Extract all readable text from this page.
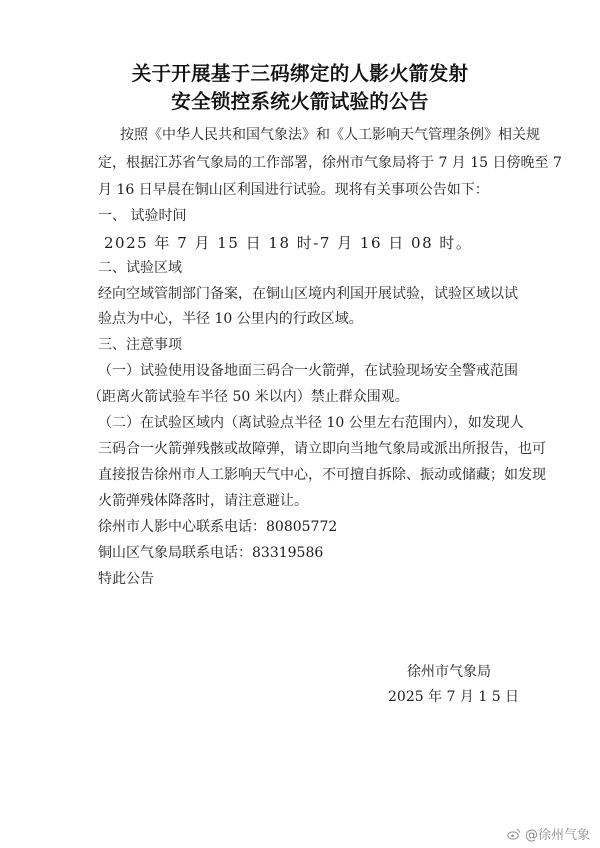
关于开展基于三码绑定的人影火箭发射
安全锁控系统火箭试验的公告
按照《中华人民共和国气象法》和《人工影响天气管理条例》相关规
定，根据江苏省气象局的工作部署，徐州市气象局将于 7 月 15 日傍晚至 7
月 16 日早晨在铜山区利国进行试验。现将有关事项公告如下：
一、 试验时间
2025 年 7 月 15 日 18 时-7 月 16 日 08 时。
二、试验区域
经向空域管制部门备案，在铜山区境内利国开展试验，试验区域以试
验点为中心，半径 10 公里内的行政区域。
三、注意事项
（一）试验使用设备地面三码合一火箭弹，在试验现场安全警戒范围
（距离火箭试验车半径 50 米以内）禁止群众围观。
（二）在试验区域内（离试验点半径 10 公里左右范围内），如发现人
三码合一火箭弹残骸或故障弹，请立即向当地气象局或派出所报告，也可
直接报告徐州市人工影响天气中心，不可擅自拆除、振动或储藏；如发现
火箭弹残体降落时，请注意避让。
徐州市人影中心联系电话：80805772
铜山区气象局联系电话：83319586
特此公告
徐州市气象局
2025 年 7 月 1 5 日
@徐州气象
